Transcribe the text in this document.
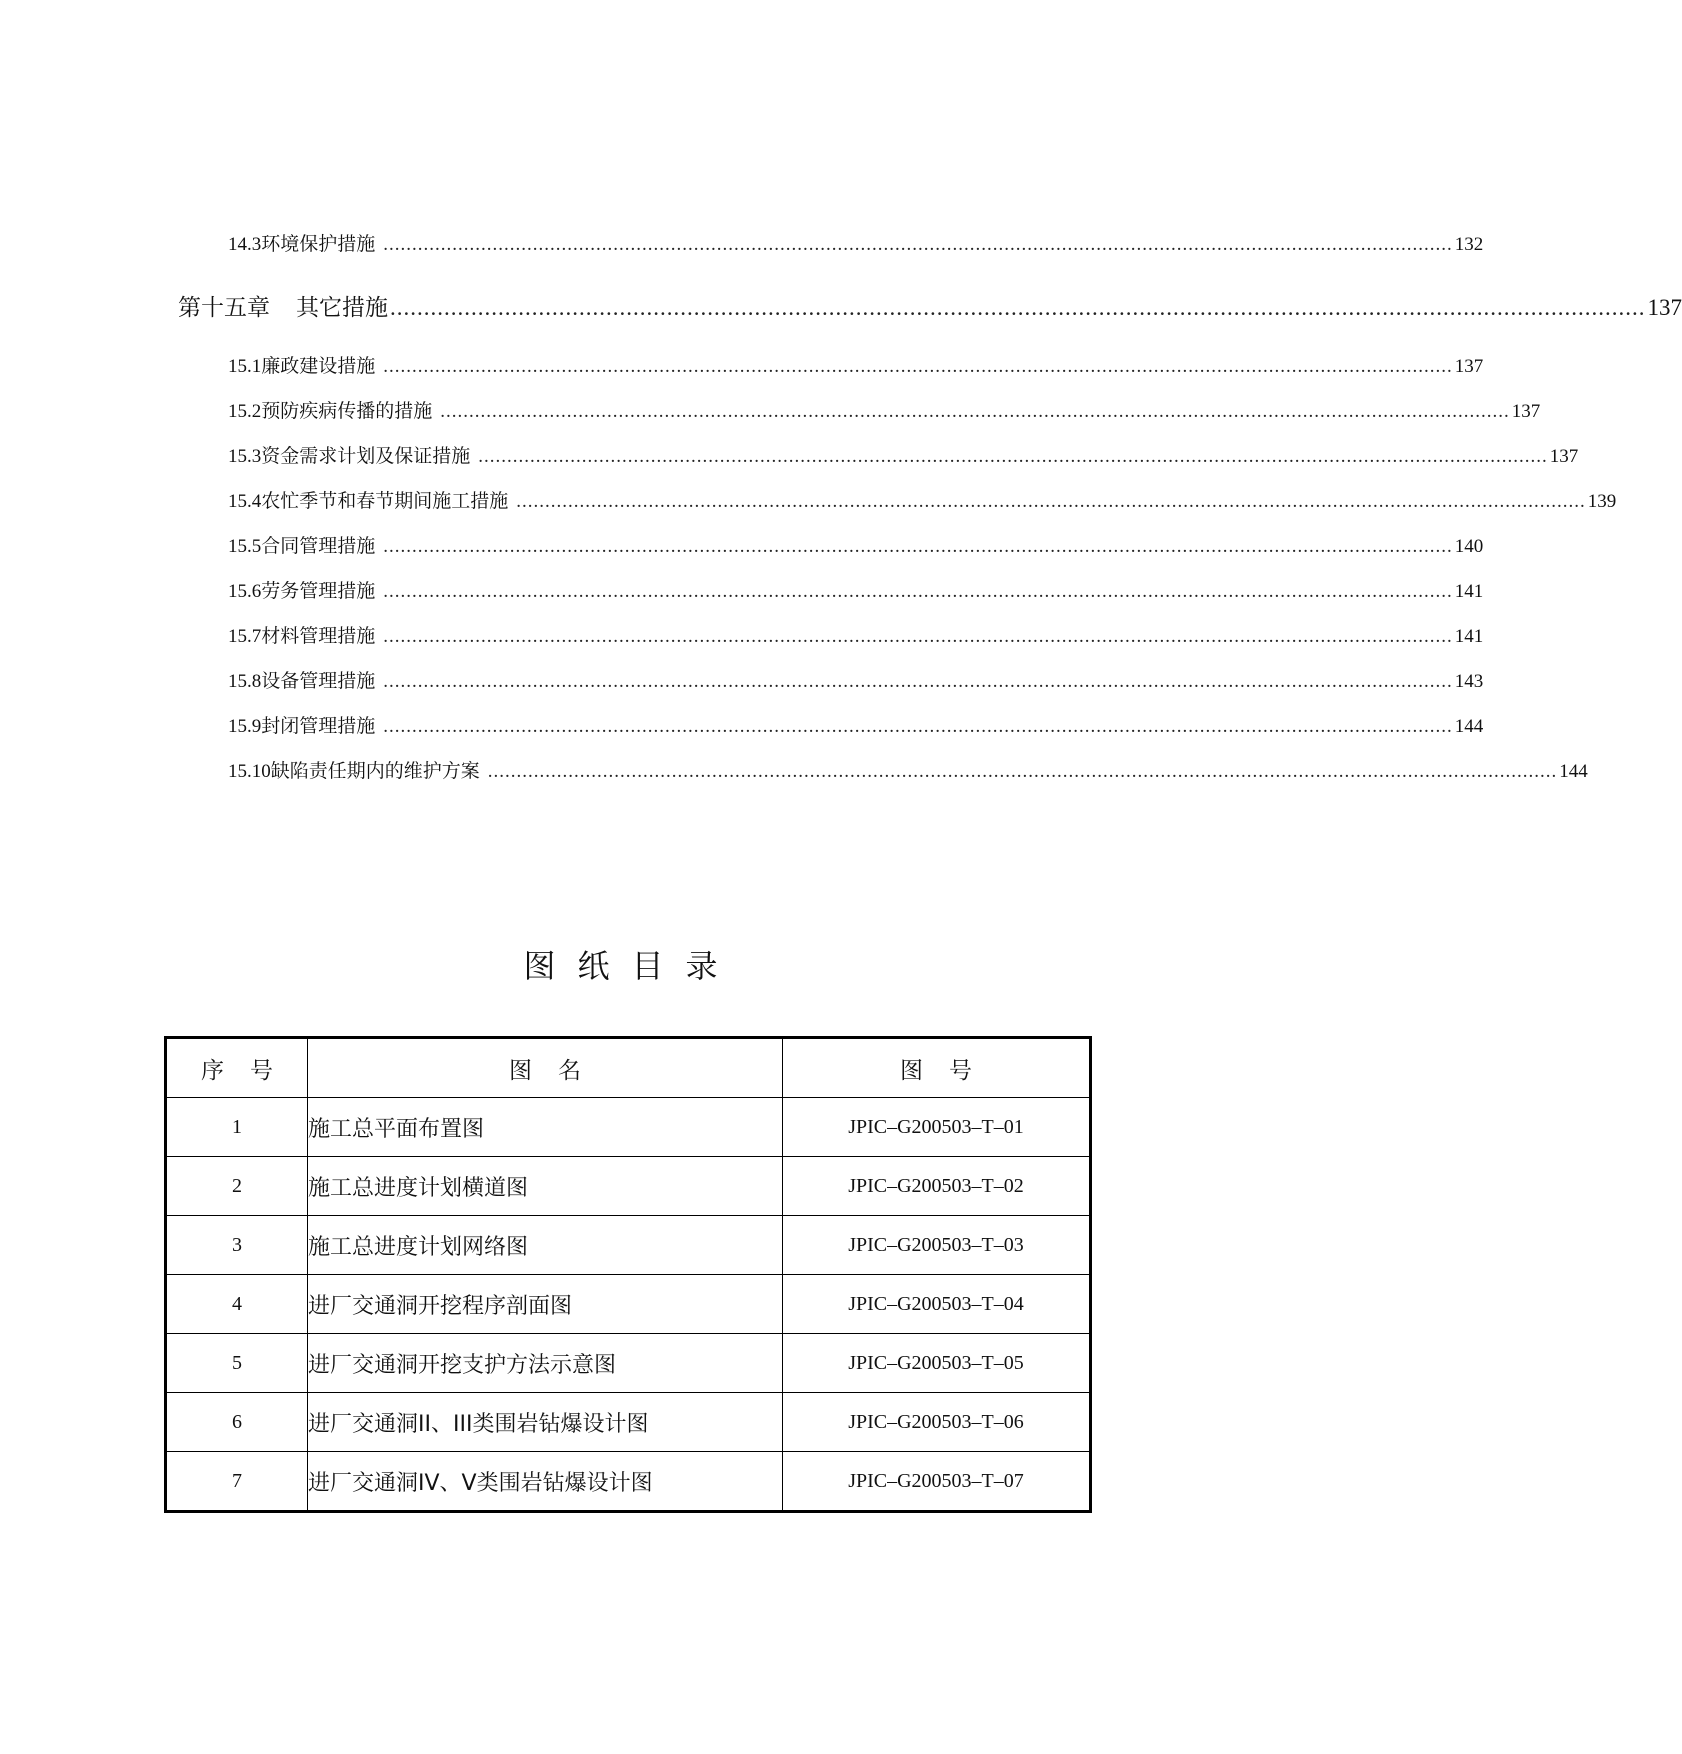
14.3 环境保护措施 .......................................................................................................................................................................................... 132
第十五章 其它措施 .......................................................................................................................................................................................... 137
15.1 廉政建设措施 .......................................................................................................................................................................................... 137
15.2 预防疾病传播的措施 .......................................................................................................................................................................................... 137
15.3 资金需求计划及保证措施 .......................................................................................................................................................................................... 137
15.4 农忙季节和春节期间施工措施 .......................................................................................................................................................................................... 139
15.5 合同管理措施 .......................................................................................................................................................................................... 140
15.6 劳务管理措施 .......................................................................................................................................................................................... 141
15.7 材料管理措施 .......................................................................................................................................................................................... 141
15.8 设备管理措施 .......................................................................................................................................................................................... 143
15.9 封闭管理措施 .......................................................................................................................................................................................... 144
15.10 缺陷责任期内的维护方案 .......................................................................................................................................................................................... 144
图纸目录
序号	图名	图号
1	施工总平面布置图	JPIC–G200503–T–01
2	施工总进度计划横道图	JPIC–G200503–T–02
3	施工总进度计划网络图	JPIC–G200503–T–03
4	进厂交通洞开挖程序剖面图	JPIC–G200503–T–04
5	进厂交通洞开挖支护方法示意图	JPIC–G200503–T–05
6	进厂交通洞II、III类围岩钻爆设计图	JPIC–G200503–T–06
7	进厂交通洞IV、V类围岩钻爆设计图	JPIC–G200503–T–07
